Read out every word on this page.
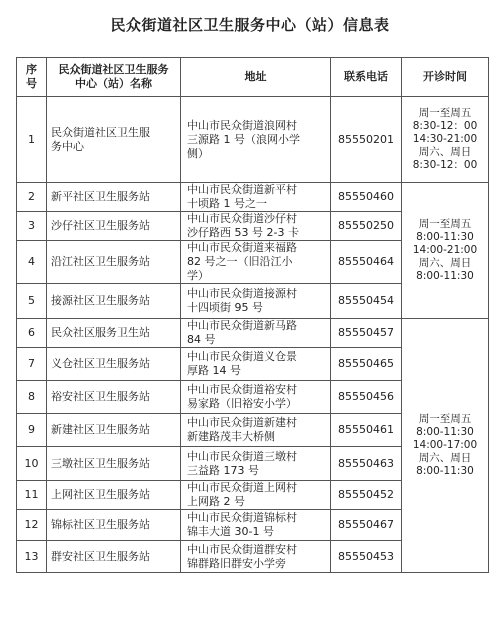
民众街道社区卫生服务中心（站）信息表
序
号	民众街道社区卫生服务
中心（站）名称	地址	联系电话	开诊时间
1	民众街道社区卫生服
务中心	中山市民众街道浪网村
三源路 1 号（浪网小学
侧）	85550201	周一至周五
8:30-12：00
14:30-21:00
周六、周日
8:30-12：00

2	新平社区卫生服务站	中山市民众街道新平村
十顷路 1 号之一	85550460	周一至周五
8:00-11:30
14:00-21:00
周六、周日
8:00-11:30

3	沙仔社区卫生服务站	中山市民众街道沙仔村
沙仔路西 53 号 2-3 卡	85550250	
4	沿江社区卫生服务站	中山市民众街道来福路
82 号之一（旧沿江小
学）	85550464	
5	接源社区卫生服务站	中山市民众街道接源村
十四顷街 95 号	85550454	
6	民众社区服务卫生站	中山市民众街道新马路
84 号	85550457	周一至周五
8:00-11:30
14:00-17:00
周六、周日
8:00-11:30

7	义仓社区卫生服务站	中山市民众街道义仓景
厚路 14 号	85550465	
8	裕安社区卫生服务站	中山市民众街道裕安村
易家路（旧裕安小学）	85550456	
9	新建社区卫生服务站	中山市民众街道新建村
新建路茂丰大桥侧	85550461	
10	三墩社区卫生服务站	中山市民众街道三墩村
三益路 173 号	85550463	
11	上网社区卫生服务站	中山市民众街道上网村
上网路 2 号	85550452	
12	锦标社区卫生服务站	中山市民众街道锦标村
锦丰大道 30-1 号	85550467	
13	群安社区卫生服务站	中山市民众街道群安村
锦群路旧群安小学旁	85550453	
